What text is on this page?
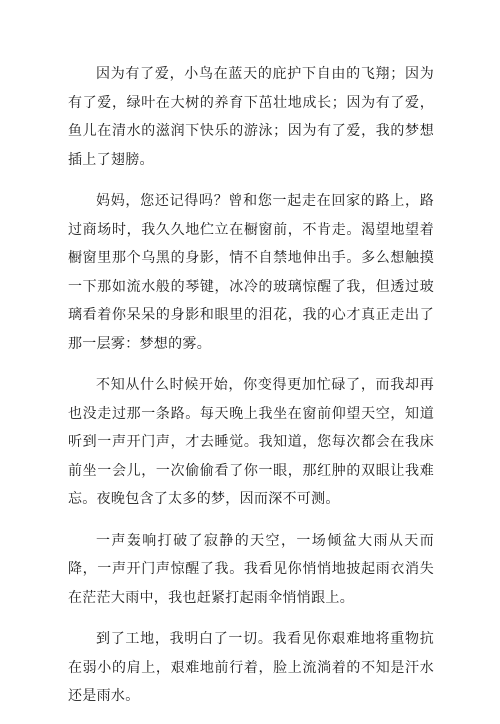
因为有了爱，小鸟在蓝天的庇护下自由的飞翔；因为有了爱，绿叶在大树的养育下茁壮地成长；因为有了爱，鱼儿在清水的滋润下快乐的游泳；因为有了爱，我的梦想插上了翅膀。

妈妈，您还记得吗？曾和您一起走在回家的路上，路过商场时，我久久地伫立在橱窗前，不肯走。渴望地望着橱窗里那个乌黑的身影，情不自禁地伸出手。多么想触摸一下那如流水般的琴键，冰冷的玻璃惊醒了我，但透过玻璃看着你呆呆的身影和眼里的泪花，我的心才真正走出了那一层雾：梦想的雾。

不知从什么时候开始，你变得更加忙碌了，而我却再也没走过那一条路。每天晚上我坐在窗前仰望天空，知道听到一声开门声，才去睡觉。我知道，您每次都会在我床前坐一会儿，一次偷偷看了你一眼，那红肿的双眼让我难忘。夜晚包含了太多的梦，因而深不可测。

一声轰响打破了寂静的天空，一场倾盆大雨从天而降，一声开门声惊醒了我。我看见你悄悄地披起雨衣消失在茫茫大雨中，我也赶紧打起雨伞悄悄跟上。

到了工地，我明白了一切。我看见你艰难地将重物抗在弱小的肩上，艰难地前行着，脸上流淌着的不知是汗水还是雨水。
